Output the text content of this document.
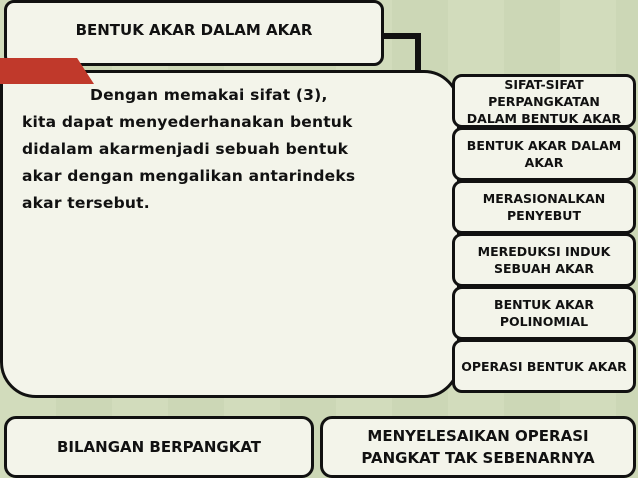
BENTUK AKAR DALAM AKAR
Dengan memakai sifat (3),
kita dapat menyederhanakan bentuk
didalam akarmenjadi sebuah bentuk
akar dengan mengalikan antarindeks
akar tersebut.
SIFAT-SIFAT PERPANGKATAN DALAM BENTUK AKAR
BENTUK AKAR DALAM AKAR
MERASIONALKAN PENYEBUT
MEREDUKSI INDUK SEBUAH AKAR
BENTUK AKAR POLINOMIAL
OPERASI BENTUK AKAR
BILANGAN BERPANGKAT
MENYELESAIKAN OPERASI PANGKAT TAK SEBENARNYA
